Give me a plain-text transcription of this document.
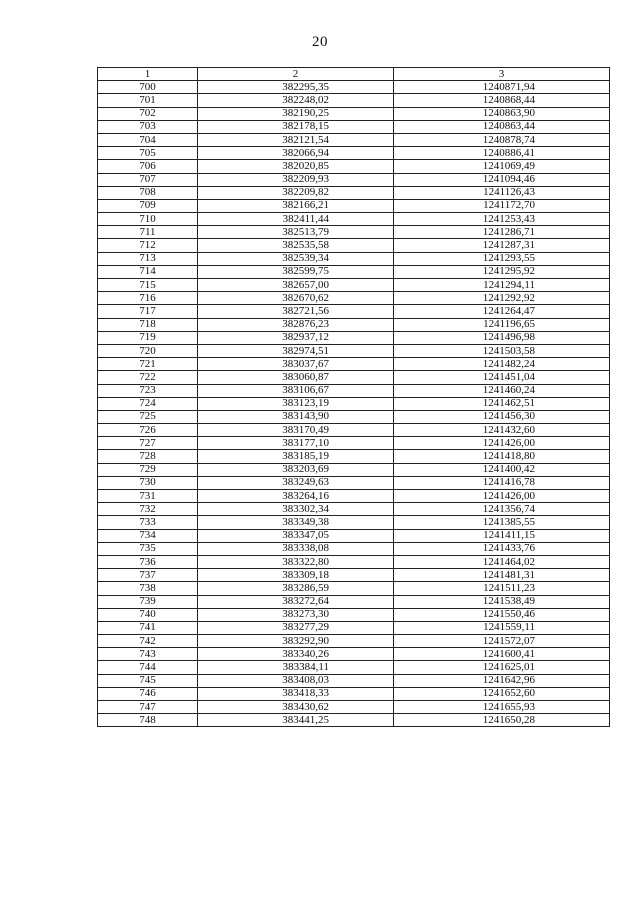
20
1	2	3
700	382295,35	1240871,94
701	382248,02	1240868,44
702	382190,25	1240863,90
703	382178,15	1240863,44
704	382121,54	1240878,74
705	382066,94	1240886,41
706	382020,85	1241069,49
707	382209,93	1241094,46
708	382209,82	1241126,43
709	382166,21	1241172,70
710	382411,44	1241253,43
711	382513,79	1241286,71
712	382535,58	1241287,31
713	382539,34	1241293,55
714	382599,75	1241295,92
715	382657,00	1241294,11
716	382670,62	1241292,92
717	382721,56	1241264,47
718	382876,23	1241196,65
719	382937,12	1241496,98
720	382974,51	1241503,58
721	383037,67	1241482,24
722	383060,87	1241451,04
723	383106,67	1241460,24
724	383123,19	1241462,51
725	383143,90	1241456,30
726	383170,49	1241432,60
727	383177,10	1241426,00
728	383185,19	1241418,80
729	383203,69	1241400,42
730	383249,63	1241416,78
731	383264,16	1241426,00
732	383302,34	1241356,74
733	383349,38	1241385,55
734	383347,05	1241411,15
735	383338,08	1241433,76
736	383322,80	1241464,02
737	383309,18	1241481,31
738	383286,59	1241511,23
739	383272,64	1241538,49
740	383273,30	1241550,46
741	383277,29	1241559,11
742	383292,90	1241572,07
743	383340,26	1241600,41
744	383384,11	1241625,01
745	383408,03	1241642,96
746	383418,33	1241652,60
747	383430,62	1241655,93
748	383441,25	1241650,28
